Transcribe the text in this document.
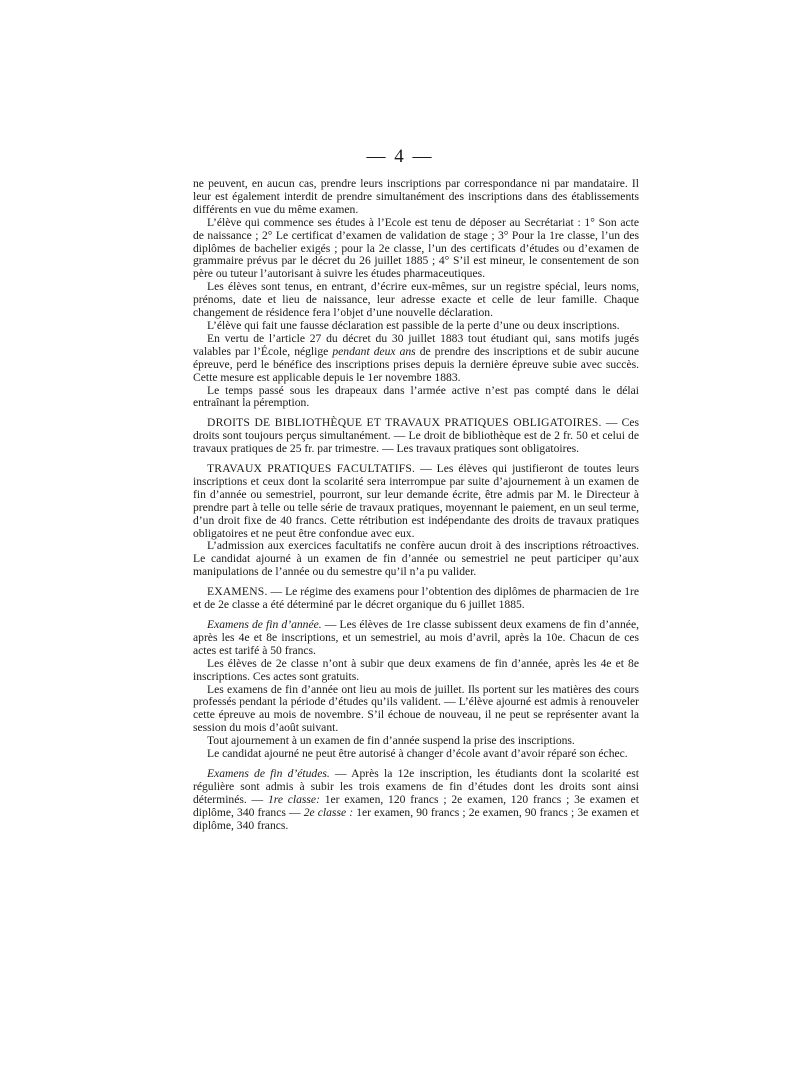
— 4 —

ne peuvent, en aucun cas, prendre leurs inscriptions par correspondance ni par mandataire. Il leur est également interdit de prendre simultanément des inscriptions dans des établissements différents en vue du même examen.

L’élève qui commence ses études à l’Ecole est tenu de déposer au Secrétariat : 1° Son acte de naissance ; 2° Le certificat d’examen de validation de stage ; 3° Pour la 1re classe, l’un des diplômes de bachelier exigés ; pour la 2e classe, l’un des certificats d’études ou d’examen de grammaire prévus par le décret du 26 juillet 1885 ; 4° S’il est mineur, le consentement de son père ou tuteur l’autorisant à suivre les études pharmaceutiques.

Les élèves sont tenus, en entrant, d’écrire eux-mêmes, sur un registre spécial, leurs noms, prénoms, date et lieu de naissance, leur adresse exacte et celle de leur famille. Chaque changement de résidence fera l’objet d’une nouvelle déclaration.

L’élève qui fait une fausse déclaration est passible de la perte d’une ou deux inscriptions.

En vertu de l’article 27 du décret du 30 juillet 1883 tout étudiant qui, sans motifs jugés valables par l’École, néglige pendant deux ans de prendre des inscriptions et de subir aucune épreuve, perd le bénéfice des inscriptions prises depuis la dernière épreuve subie avec succès. Cette mesure est applicable depuis le 1er novembre 1883.

Le temps passé sous les drapeaux dans l’armée active n’est pas compté dans le délai entraînant la péremption.

DROITS DE BIBLIOTHÈQUE ET TRAVAUX PRATIQUES OBLIGATOIRES. — Ces droits sont toujours perçus simultanément. — Le droit de bibliothèque est de 2 fr. 50 et celui de travaux pratiques de 25 fr. par trimestre. — Les travaux pratiques sont obligatoires.

TRAVAUX PRATIQUES FACULTATIFS. — Les élèves qui justifieront de toutes leurs inscriptions et ceux dont la scolarité sera interrompue par suite d’ajournement à un examen de fin d’année ou semestriel, pourront, sur leur demande écrite, être admis par M. le Directeur à prendre part à telle ou telle série de travaux pratiques, moyennant le paiement, en un seul terme, d’un droit fixe de 40 francs. Cette rétribution est indépendante des droits de travaux pratiques obligatoires et ne peut être confondue avec eux.

L’admission aux exercices facultatifs ne confère aucun droit à des inscriptions rétroactives. Le candidat ajourné à un examen de fin d’année ou semestriel ne peut participer qu’aux manipulations de l’année ou du semestre qu’il n’a pu valider.

EXAMENS. — Le régime des examens pour l’obtention des diplômes de pharmacien de 1re et de 2e classe a été déterminé par le décret organique du 6 juillet 1885.

Examens de fin d’année. — Les élèves de 1re classe subissent deux examens de fin d’année, après les 4e et 8e inscriptions, et un semestriel, au mois d’avril, après la 10e. Chacun de ces actes est tarifé à 50 francs.

Les élèves de 2e classe n’ont à subir que deux examens de fin d’année, après les 4e et 8e inscriptions. Ces actes sont gratuits.

Les examens de fin d’année ont lieu au mois de juillet. Ils portent sur les matières des cours professés pendant la période d’études qu’ils valident. — L’élève ajourné est admis à renouveler cette épreuve au mois de novembre. S’il échoue de nouveau, il ne peut se représenter avant la session du mois d’août suivant.

Tout ajournement à un examen de fin d’année suspend la prise des inscriptions.

Le candidat ajourné ne peut être autorisé à changer d’école avant d’avoir réparé son échec.

Examens de fin d’études. — Après la 12e inscription, les étudiants dont la scolarité est régulière sont admis à subir les trois examens de fin d’études dont les droits sont ainsi déterminés. — 1re classe: 1er examen, 120 francs ; 2e examen, 120 francs ; 3e examen et diplôme, 340 francs — 2e classe : 1er examen, 90 francs ; 2e examen, 90 francs ; 3e examen et diplôme, 340 francs.
